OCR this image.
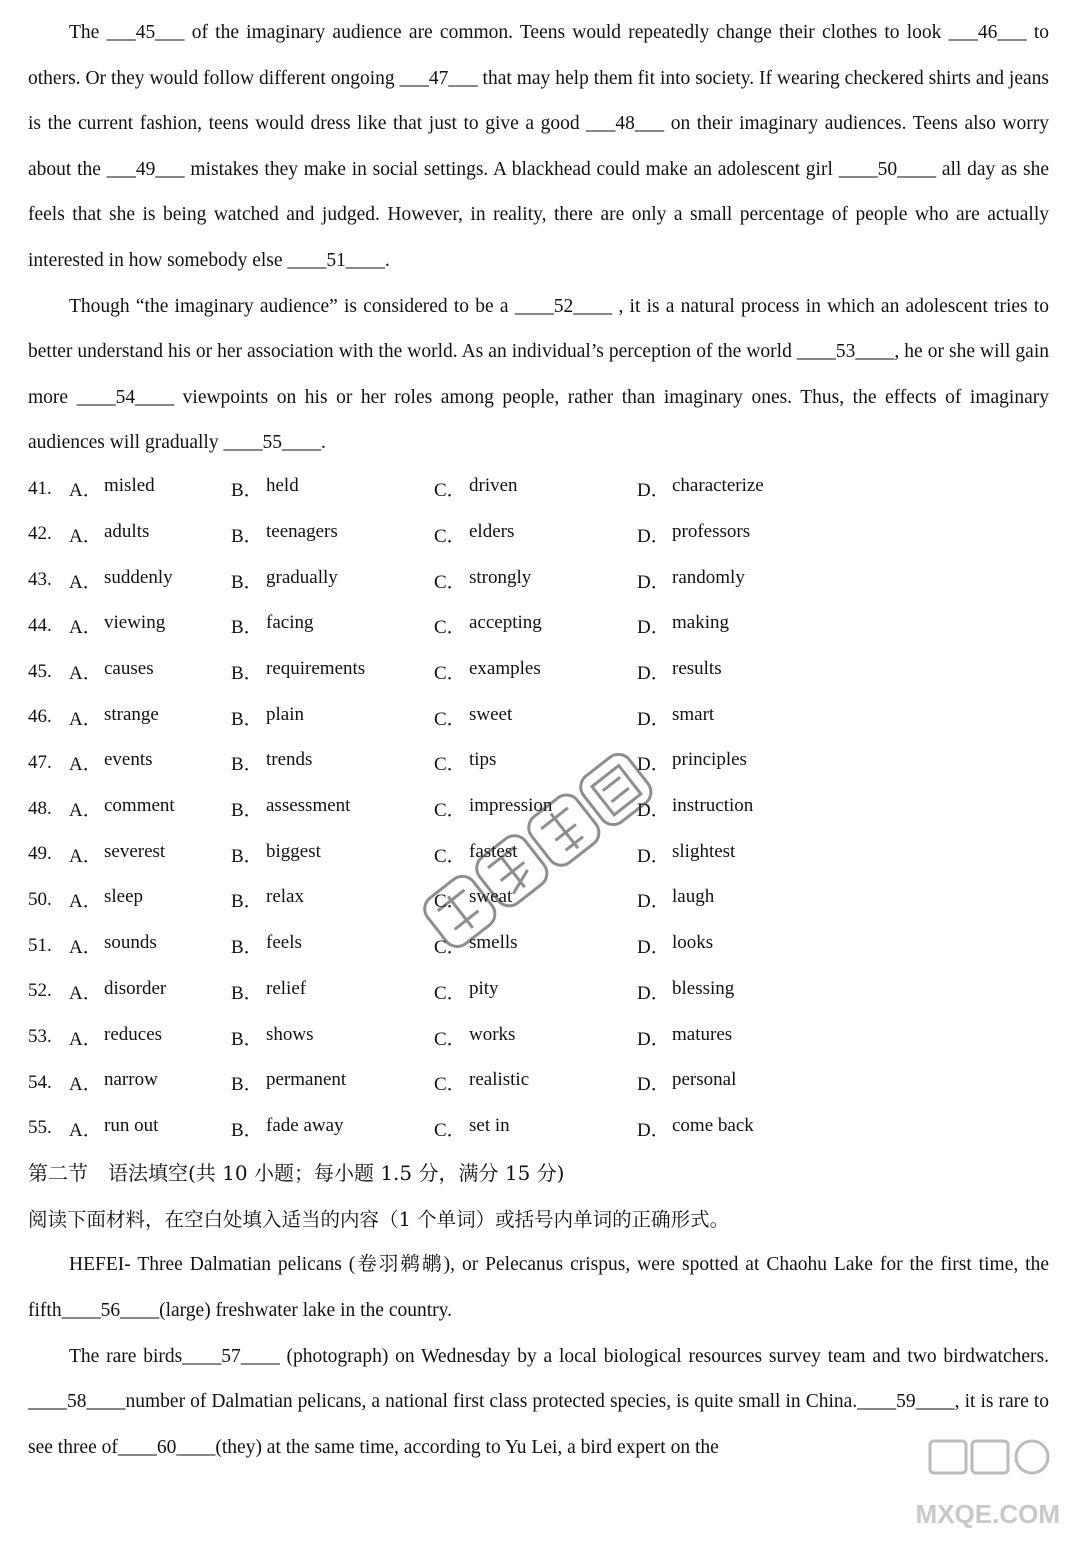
The ___45___ of the imaginary audience are common. Teens would repeatedly change their clothes to look ___46___ to others. Or they would follow different ongoing ___47___ that may help them fit into society. If wearing checkered shirts and jeans is the current fashion, teens would dress like that just to give a good ___48___ on their imaginary audiences. Teens also worry about the ___49___ mistakes they make in social settings. A blackhead could make an adolescent girl ____50____ all day as she feels that she is being watched and judged. However, in reality, there are only a small percentage of people who are actually interested in how somebody else ____51____.

Though “the imaginary audience” is considered to be a ____52____ , it is a natural process in which an adolescent tries to better understand his or her association with the world. As an individual’s perception of the world ____53____, he or she will gain more ____54____ viewpoints on his or her roles among people, rather than imaginary ones. Thus, the effects of imaginary audiences will gradually ____55____.

41. A． misled	B． held	C． driven	D． characterize
42. A． adults	B． teenagers	C． elders	D． professors
43. A． suddenly	B． gradually	C． strongly	D． randomly
44. A． viewing	B． facing	C． accepting	D． making
45. A． causes	B． requirements	C． examples	D． results
46. A． strange	B． plain	C． sweet	D． smart
47. A． events	B． trends	C． tips	D． principles
48. A． comment	B． assessment	C． impression	D． instruction
49. A． severest	B． biggest	C． fastest	D． slightest
50. A． sleep	B． relax	C． sweat	D． laugh
51. A． sounds	B． feels	C． smells	D． looks
52. A． disorder	B． relief	C． pity	D． blessing
53. A． reduces	B． shows	C． works	D． matures
54. A． narrow	B． permanent	C． realistic	D． personal
55. A． run out	B． fade away	C． set in	D． come back

第二节　语法填空(共 10 小题；每小题 1.5 分，满分 15 分)

阅读下面材料，在空白处填入适当的内容（1 个单词）或括号内单词的正确形式。

HEFEI- Three Dalmatian pelicans (卷羽鹈鹕), or Pelecanus crispus, were spotted at Chaohu Lake for the first time, the fifth____56____(large) freshwater lake in the country.

The rare birds____57____ (photograph) on Wednesday by a local biological resources survey team and two birdwatchers. ____58____number of Dalmatian pelicans, a national first class protected species, is quite small in China.____59____, it is rare to see three of____60____(they) at the same time, according to Yu Lei, a bird expert on the

MXQE.COM
